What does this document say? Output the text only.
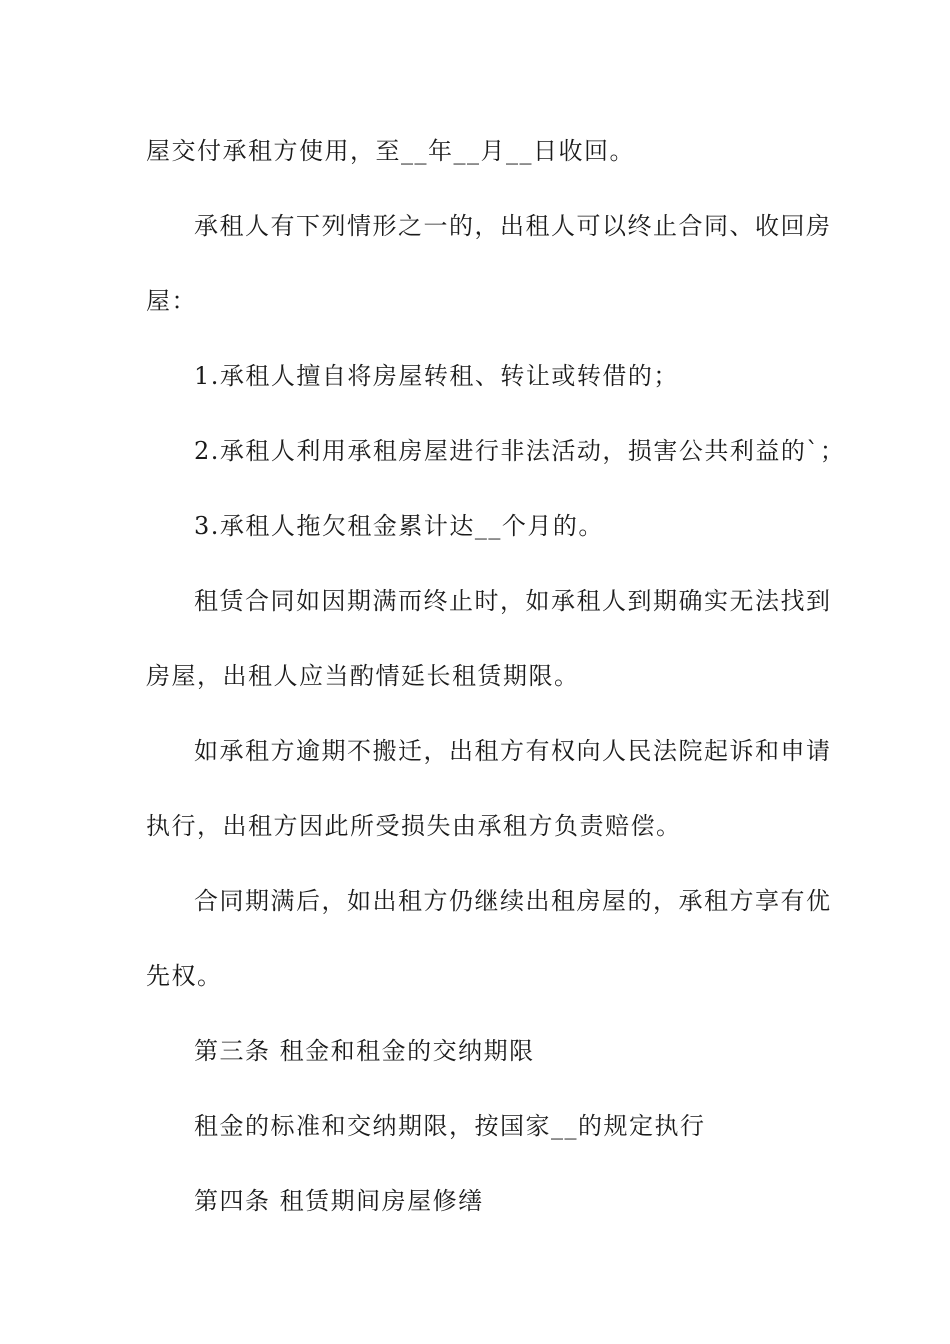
屋交付承租方使用，至__年__月__日收回。
承租人有下列情形之一的，出租人可以终止合同、收回房
屋：
1.承租人擅自将房屋转租、转让或转借的；
2.承租人利用承租房屋进行非法活动，损害公共利益的`；
3.承租人拖欠租金累计达__个月的。
租赁合同如因期满而终止时，如承租人到期确实无法找到
房屋，出租人应当酌情延长租赁期限。
如承租方逾期不搬迁，出租方有权向人民法院起诉和申请
执行，出租方因此所受损失由承租方负责赔偿。
合同期满后，如出租方仍继续出租房屋的，承租方享有优
先权。
第三条 租金和租金的交纳期限
租金的标准和交纳期限，按国家__的规定执行
第四条 租赁期间房屋修缮
